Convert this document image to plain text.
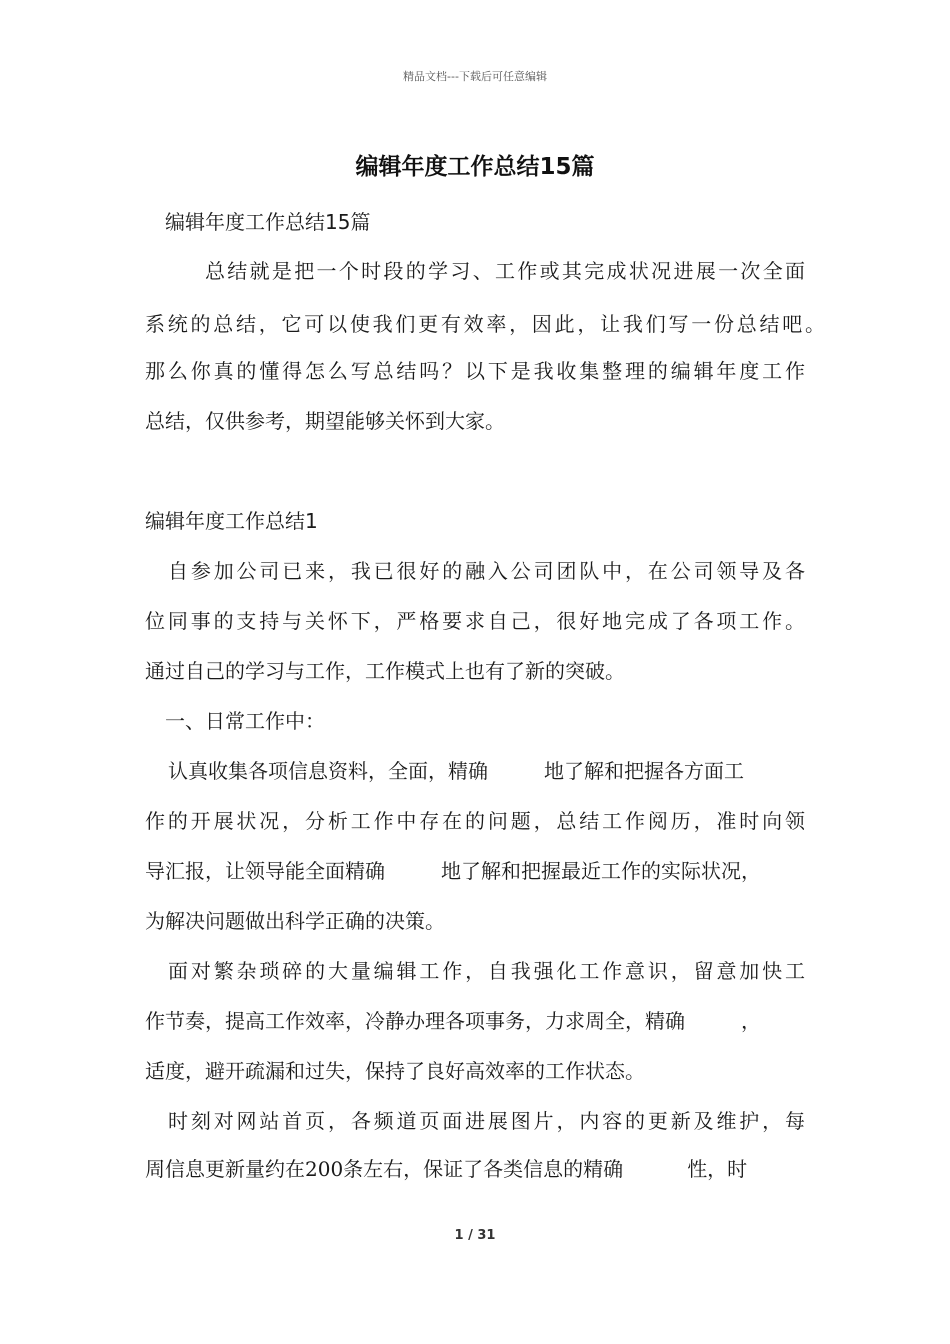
精品文档---下载后可任意编辑
编辑年度工作总结15篇
编辑年度工作总结15篇
总结就是把一个时段的学习、工作或其完成状况进展一次全面
系统的总结，它可以使我们更有效率，因此，让我们写一份总结吧。
那么你真的懂得怎么写总结吗？以下是我收集整理的编辑年度工作
总结，仅供参考，期望能够关怀到大家。
编辑年度工作总结1
自参加公司已来，我已很好的融入公司团队中，在公司领导及各
位同事的支持与关怀下，严格要求自己，很好地完成了各项工作。
通过自己的学习与工作，工作模式上也有了新的突破。
一、日常工作中：
认真收集各项信息资料，全面，精确	地了解和把握各方面工
作的开展状况，分析工作中存在的问题，总结工作阅历，准时向领
导汇报，让领导能全面精确	地了解和把握最近工作的实际状况，
为解决问题做出科学正确的决策。
面对繁杂琐碎的大量编辑工作，自我强化工作意识，留意加快工
作节奏，提高工作效率，冷静办理各项事务，力求周全，精确	，
适度，避开疏漏和过失，保持了良好高效率的工作状态。
时刻对网站首页，各频道页面进展图片，内容的更新及维护，每
周信息更新量约在200条左右，保证了各类信息的精确	性，时
1 / 31
